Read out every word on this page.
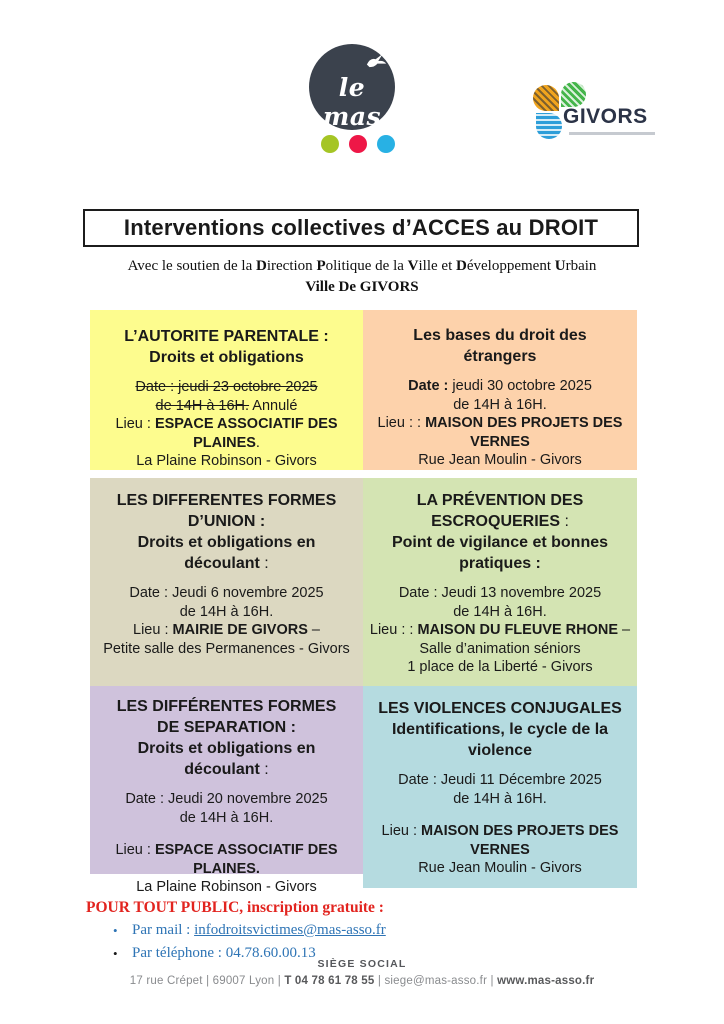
le mas	GIVORS
Interventions collectives d’ACCES au DROIT
Avec le soutien de la Direction Politique de la Ville et Développement Urbain
Ville De GIVORS
L’AUTORITE PARENTALE :
Droits et obligations
Date : jeudi 23 octobre 2025
de 14H à 16H. Annulé
Lieu : ESPACE ASSOCIATIF DES PLAINES.
La Plaine Robinson - Givors
Les bases du droit des
étrangers
Date : jeudi 30 octobre 2025
de 14H à 16H.
Lieu : : MAISON DES PROJETS DES
VERNES
Rue Jean Moulin - Givors
LES DIFFERENTES FORMES
D’UNION :
Droits et obligations en
découlant :
Date : Jeudi 6 novembre 2025
de 14H à 16H.
Lieu : MAIRIE DE GIVORS –
Petite salle des Permanences - Givors
LA PRÉVENTION DES
ESCROQUERIES :
Point de vigilance et bonnes
pratiques :
Date : Jeudi 13 novembre 2025
de 14H à 16H.
Lieu : : MAISON DU FLEUVE RHONE –
Salle d’animation séniors
1 place de la Liberté - Givors
LES DIFFÉRENTES FORMES
DE SEPARATION :
Droits et obligations en
découlant :
Date : Jeudi 20 novembre 2025
de 14H à 16H.
Lieu : ESPACE ASSOCIATIF DES PLAINES.
La Plaine Robinson - Givors
LES VIOLENCES CONJUGALES
Identifications, le cycle de la
violence
Date : Jeudi 11 Décembre 2025
de 14H à 16H.
Lieu : MAISON DES PROJETS DES VERNES
Rue Jean Moulin - Givors
POUR TOUT PUBLIC, inscription gratuite :
• Par mail : infodroitsvictimes@mas-asso.fr
• Par téléphone : 04.78.60.00.13
SIÈGE SOCIAL
17 rue Crépet | 69007 Lyon | T 04 78 61 78 55 | siege@mas-asso.fr | www.mas-asso.fr
